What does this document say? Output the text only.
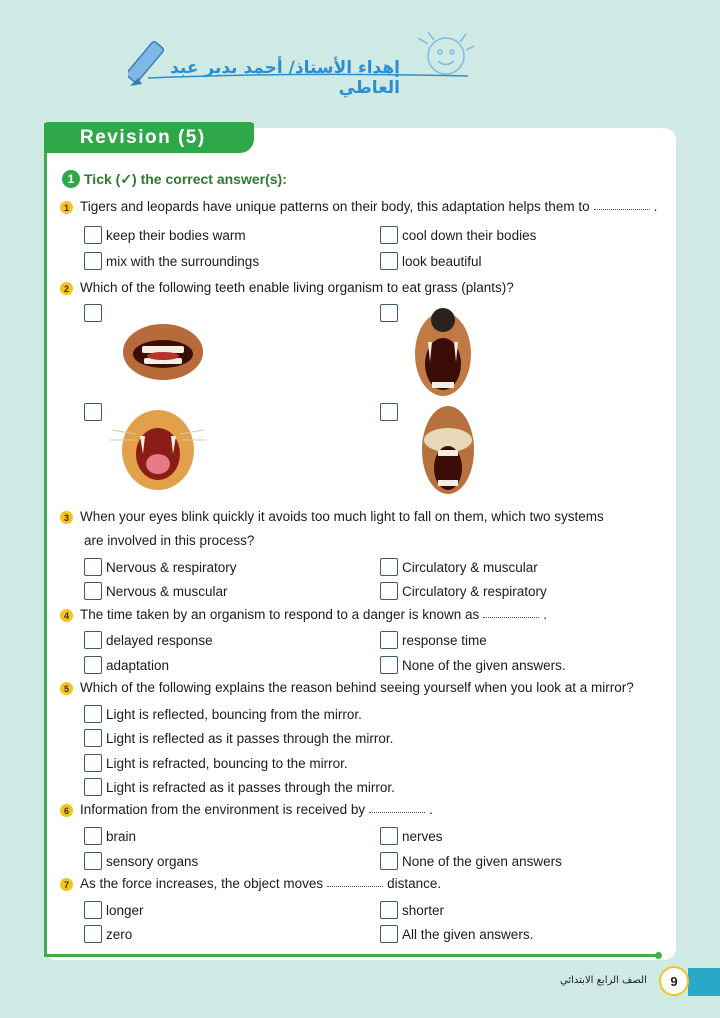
إهداء الأستاذ/ أحمد بدير عبد العاطي
Revision (5)
1 Tick (✓) the correct answer(s):
1 Tigers and leopards have unique patterns on their body, this adaptation helps them to	.
keep their bodies warm	cool down their bodies
mix with the surroundings	look beautiful
2 Which of the following teeth enable living organism to eat grass (plants)?
3 When your eyes blink quickly it avoids too much light to fall on them, which two systems
are involved in this process?
Nervous & respiratory	Circulatory & muscular
Nervous & muscular	Circulatory & respiratory
4 The time taken by an organism to respond to a danger is known as	.
delayed response	response time
adaptation	None of the given answers.
5 Which of the following explains the reason behind seeing yourself when you look at a mirror?
Light is reflected, bouncing from the mirror.
Light is reflected as it passes through the mirror.
Light is refracted, bouncing to the mirror.
Light is refracted as it passes through the mirror.
6 Information from the environment is received by	.
brain	nerves
sensory organs	None of the given answers
7 As the force increases, the object moves	distance.
longer	shorter
zero	All the given answers.
الصف الرابع الابتدائي	9
